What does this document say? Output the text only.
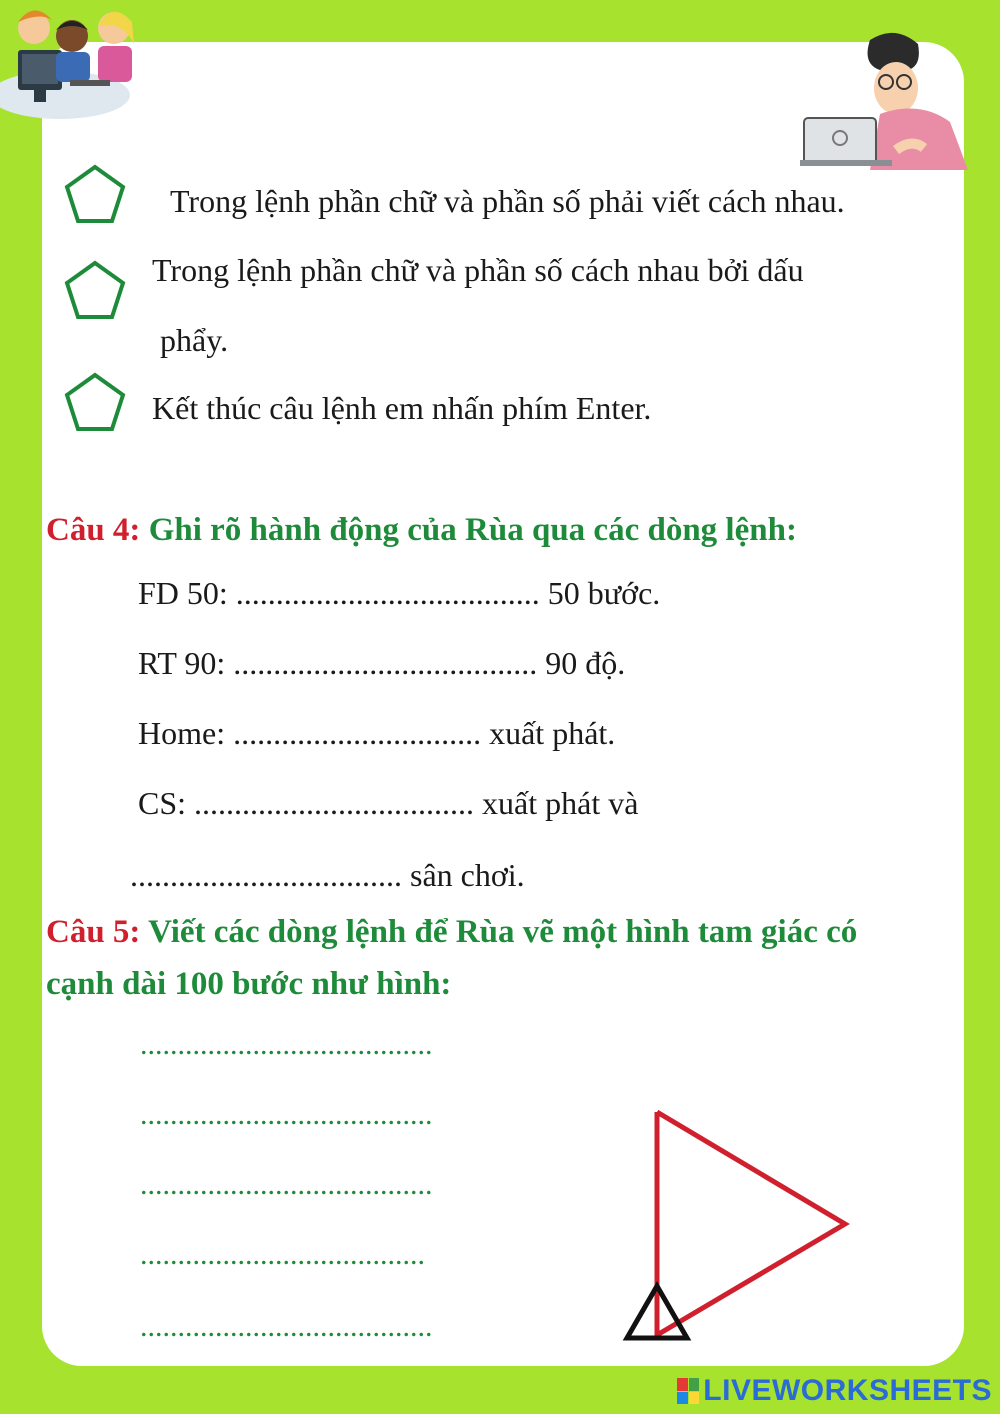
Trong lệnh phần chữ và phần số phải viết cách nhau.
Trong lệnh phần chữ và phần số cách nhau bởi dấu
phẩy.
Kết thúc câu lệnh em nhấn phím Enter.
Câu 4: Ghi rõ hành động của Rùa qua các dòng lệnh:
FD 50: ...................................... 50 bước.
RT 90: ...................................... 90 độ.
Home: ............................... xuất phát.
CS: ................................... xuất phát và
.................................. sân chơi.
Câu 5: Viết các dòng lệnh để Rùa vẽ một hình tam giác có
cạnh dài 100 bước như hình:
.......................................
.......................................
.......................................
......................................
.......................................
LIVEWORKSHEETS
